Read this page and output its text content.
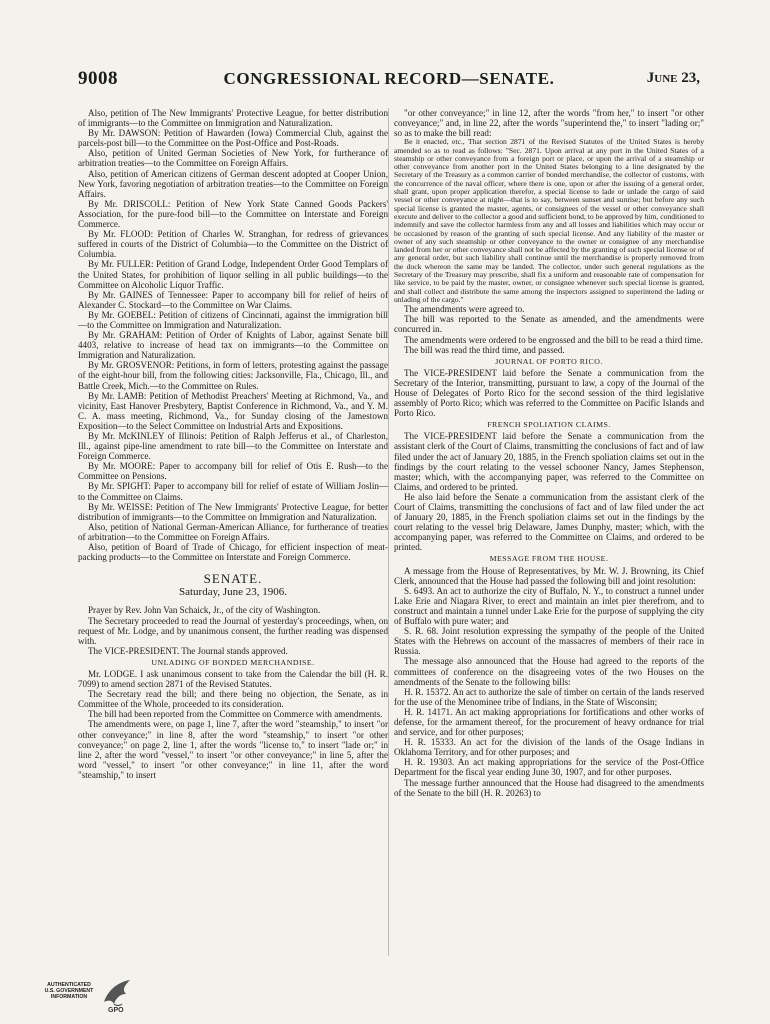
9008	CONGRESSIONAL RECORD—SENATE.	June 23,

Also, petition of The New Immigrants' Protective League, for better distribution of immigrants—to the Committee on Immigration and Naturalization.

By Mr. DAWSON: Petition of Hawarden (Iowa) Commercial Club, against the parcels-post bill—to the Committee on the Post-Office and Post-Roads.

Also, petition of United German Societies of New York, for furtherance of arbitration treaties—to the Committee on Foreign Affairs.

Also, petition of American citizens of German descent adopted at Cooper Union, New York, favoring negotiation of arbitration treaties—to the Committee on Foreign Affairs.

By Mr. DRISCOLL: Petition of New York State Canned Goods Packers' Association, for the pure-food bill—to the Committee on Interstate and Foreign Commerce.

By Mr. FLOOD: Petition of Charles W. Stranghan, for redress of grievances suffered in courts of the District of Columbia—to the Committee on the District of Columbia.

By Mr. FULLER: Petition of Grand Lodge, Independent Order Good Templars of the United States, for prohibition of liquor selling in all public buildings—to the Committee on Alcoholic Liquor Traffic.

By Mr. GAINES of Tennessee: Paper to accompany bill for relief of heirs of Alexander C. Stockard—to the Committee on War Claims.

By Mr. GOEBEL: Petition of citizens of Cincinnati, against the immigration bill—to the Committee on Immigration and Naturalization.

By Mr. GRAHAM: Petition of Order of Knights of Labor, against Senate bill 4403, relative to increase of head tax on immigrants—to the Committee on Immigration and Naturalization.

By Mr. GROSVENOR: Petitions, in form of letters, protesting against the passage of the eight-hour bill, from the following cities: Jacksonville, Fla., Chicago, Ill., and Battle Creek, Mich.—to the Committee on Rules.

By Mr. LAMB: Petition of Methodist Preachers' Meeting at Richmond, Va., and vicinity, East Hanover Presbytery, Baptist Conference in Richmond, Va., and Y. M. C. A. mass meeting, Richmond, Va., for Sunday closing of the Jamestown Exposition—to the Select Committee on Industrial Arts and Expositions.

By Mr. McKINLEY of Illinois: Petition of Ralph Jefferus et al., of Charleston, Ill., against pipe-line amendment to rate bill—to the Committee on Interstate and Foreign Commerce.

By Mr. MOORE: Paper to accompany bill for relief of Otis E. Rush—to the Committee on Pensions.

By Mr. SPIGHT: Paper to accompany bill for relief of estate of William Joslin—to the Committee on Claims.

By Mr. WEISSE: Petition of The New Immigrants' Protective League, for better distribution of immigrants—to the Committee on Immigration and Naturalization.

Also, petition of National German-American Alliance, for furtherance of treaties of arbitration—to the Committee on Foreign Affairs.

Also, petition of Board of Trade of Chicago, for efficient inspection of meat-packing products—to the Committee on Interstate and Foreign Commerce.

SENATE.
Saturday, June 23, 1906.

Prayer by Rev. John Van Schaick, Jr., of the city of Washington.

The Secretary proceeded to read the Journal of yesterday's proceedings, when, on request of Mr. Lodge, and by unanimous consent, the further reading was dispensed with.

The VICE-PRESIDENT. The Journal stands approved.

UNLADING OF BONDED MERCHANDISE.

Mr. LODGE. I ask unanimous consent to take from the Calendar the bill (H. R. 7099) to amend section 2871 of the Revised Statutes.

The Secretary read the bill; and there being no objection, the Senate, as in Committee of the Whole, proceeded to its consideration.

The bill had been reported from the Committee on Commerce with amendments.

The amendments were, on page 1, line 7, after the word "steamship," to insert "or other conveyance;" in line 8, after the word "steamship," to insert "or other conveyance;" on page 2, line 1, after the words "license to," to insert "lade or;" in line 2, after the word "vessel," to insert "or other conveyance;" in line 5, after the word "vessel," to insert "or other conveyance;" in line 11, after the word "steamship," to insert

"or other conveyance;" in line 12, after the words "from her," to insert "or other conveyance;" and, in line 22, after the words "superintend the," to insert "lading or;" so as to make the bill read:

Be it enacted, etc., That section 2871 of the Revised Statutes of the United States is hereby amended so as to read as follows: "Sec. 2871. Upon arrival at any port in the United States of a steamship or other conveyance from a foreign port or place, or upon the arrival of a steamship or other conveyance from another port in the United States belonging to a line designated by the Secretary of the Treasury as a common carrier of bonded merchandise, the collector of customs, with the concurrence of the naval officer, where there is one, upon or after the issuing of a general order, shall grant, upon proper application therefor, a special license to lade or unlade the cargo of said vessel or other conveyance at night—that is to say, between sunset and sunrise; but before any such special license is granted the master, agents, or consignees of the vessel or other conveyance shall execute and deliver to the collector a good and sufficient bond, to be approved by him, conditioned to indemnify and save the collector harmless from any and all losses and liabilities which may occur or be occasioned by reason of the granting of such special license. And any liability of the master or owner of any such steamship or other conveyance to the owner or consignee of any merchandise landed from her or other conveyance shall not be affected by the granting of such special license or of any general order, but such liability shall continue until the merchandise is properly removed from the dock whereon the same may be landed. The collector, under such general regulations as the Secretary of the Treasury may prescribe, shall fix a uniform and reasonable rate of compensation for like service, to be paid by the master, owner, or consignee whenever such special license is granted, and shall collect and distribute the same among the inspectors assigned to superintend the lading or unlading of the cargo."

The amendments were agreed to.

The bill was reported to the Senate as amended, and the amendments were concurred in.

The amendments were ordered to be engrossed and the bill to be read a third time.

The bill was read the third time, and passed.

JOURNAL OF PORTO RICO.

The VICE-PRESIDENT laid before the Senate a communication from the Secretary of the Interior, transmitting, pursuant to law, a copy of the Journal of the House of Delegates of Porto Rico for the second session of the third legislative assembly of Porto Rico; which was referred to the Committee on Pacific Islands and Porto Rico.

FRENCH SPOLIATION CLAIMS.

The VICE-PRESIDENT laid before the Senate a communication from the assistant clerk of the Court of Claims, transmitting the conclusions of fact and of law filed under the act of January 20, 1885, in the French spoliation claims set out in the findings by the court relating to the vessel schooner Nancy, James Stephenson, master; which, with the accompanying paper, was referred to the Committee on Claims, and ordered to be printed.

He also laid before the Senate a communication from the assistant clerk of the Court of Claims, transmitting the conclusions of fact and of law filed under the act of January 20, 1885, in the French spoliation claims set out in the findings by the court relating to the vessel brig Delaware, James Dunphy, master; which, with the accompanying paper, was referred to the Committee on Claims, and ordered to be printed.

MESSAGE FROM THE HOUSE.

A message from the House of Representatives, by Mr. W. J. Browning, its Chief Clerk, announced that the House had passed the following bill and joint resolution:

S. 6493. An act to authorize the city of Buffalo, N. Y., to construct a tunnel under Lake Erie and Niagara River, to erect and maintain an inlet pier therefrom, and to construct and maintain a tunnel under Lake Erie for the purpose of supplying the city of Buffalo with pure water; and

S. R. 68. Joint resolution expressing the sympathy of the people of the United States with the Hebrews on account of the massacres of members of their race in Russia.

The message also announced that the House had agreed to the reports of the committees of conference on the disagreeing votes of the two Houses on the amendments of the Senate to the following bills:

H. R. 15372. An act to authorize the sale of timber on certain of the lands reserved for the use of the Menominee tribe of Indians, in the State of Wisconsin;

H. R. 14171. An act making appropriations for fortifications and other works of defense, for the armament thereof, for the procurement of heavy ordnance for trial and service, and for other purposes;

H. R. 15333. An act for the division of the lands of the Osage Indians in Oklahoma Territory, and for other purposes; and

H. R. 19303. An act making appropriations for the service of the Post-Office Department for the fiscal year ending June 30, 1907, and for other purposes.

The message further announced that the House had disagreed to the amendments of the Senate to the bill (H. R. 20263) to

AUTHENTICATED
U.S. GOVERNMENT
INFORMATION
GPO
